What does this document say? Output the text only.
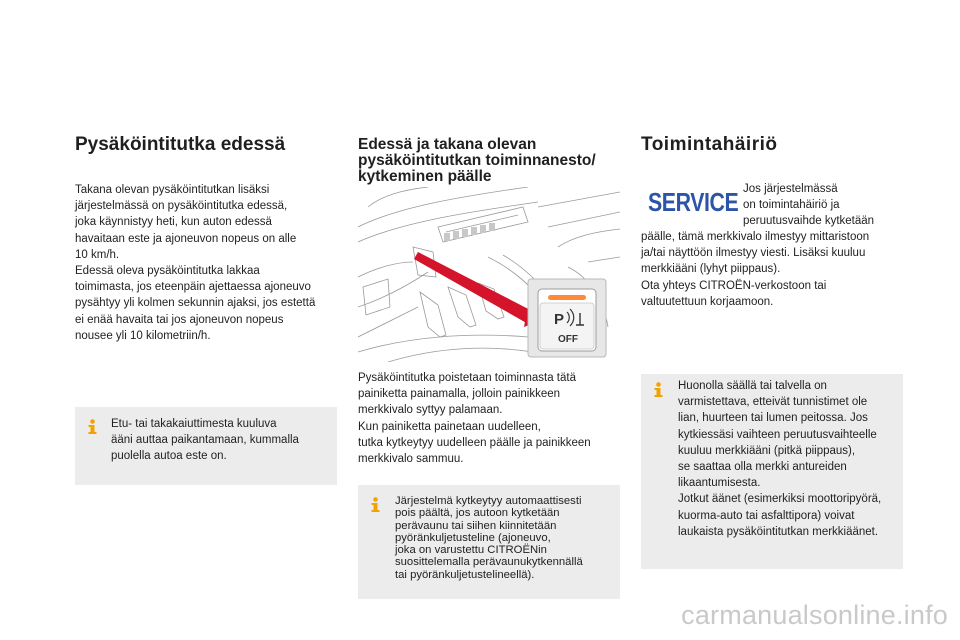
Pysäköintitutka edessä
Takana olevan pysäköintitutkan lisäksi
järjestelmässä on pysäköintitutka edessä,
joka käynnistyy heti, kun auton edessä
havaitaan este ja ajoneuvon nopeus on alle
10 km/h.
Edessä oleva pysäköintitutka lakkaa
toimimasta, jos eteenpäin ajettaessa ajoneuvo
pysähtyy yli kolmen sekunnin ajaksi, jos estettä
ei enää havaita tai jos ajoneuvon nopeus
nousee yli 10 kilometriin/h.
Etu- tai takakaiuttimesta kuuluva
ääni auttaa paikantamaan, kummalla
puolella autoa este on.
Edessä ja takana olevan
pysäköintitutkan toiminnanesto/
kytkeminen päälle
P
OFF
Pysäköintitutka poistetaan toiminnasta tätä
painiketta painamalla, jolloin painikkeen
merkkivalo syttyy palamaan.
Kun painiketta painetaan uudelleen,
tutka kytkeytyy uudelleen päälle ja painikkeen
merkkivalo sammuu.
Järjestelmä kytkeytyy automaattisesti
pois päältä, jos autoon kytketään
perävaunu tai siihen kiinnitetään
pyöränkuljetusteline (ajoneuvo,
joka on varustettu CITROËNin
suosittelemalla perävaunukytkennällä
tai pyöränkuljetustelineellä).
Toimintahäiriö
SERVICE Jos järjestelmässä
on toimintahäiriö ja
peruutusvaihde kytketään
päälle, tämä merkkivalo ilmestyy mittaristoon
ja/tai näyttöön ilmestyy viesti. Lisäksi kuuluu
merkkiääni (lyhyt piippaus).
Ota yhteys CITROËN-verkostoon tai
valtuutettuun korjaamoon.
Huonolla säällä tai talvella on
varmistettava, etteivät tunnistimet ole
lian, huurteen tai lumen peitossa. Jos
kytkiessäsi vaihteen peruutusvaihteelle
kuuluu merkkiääni (pitkä piippaus),
se saattaa olla merkki antureiden
likaantumisesta.
Jotkut äänet (esimerkiksi moottoripyörä,
kuorma-auto tai asfalttipora) voivat
laukaista pysäköintitutkan merkkiäänet.
carmanualsonline.info
